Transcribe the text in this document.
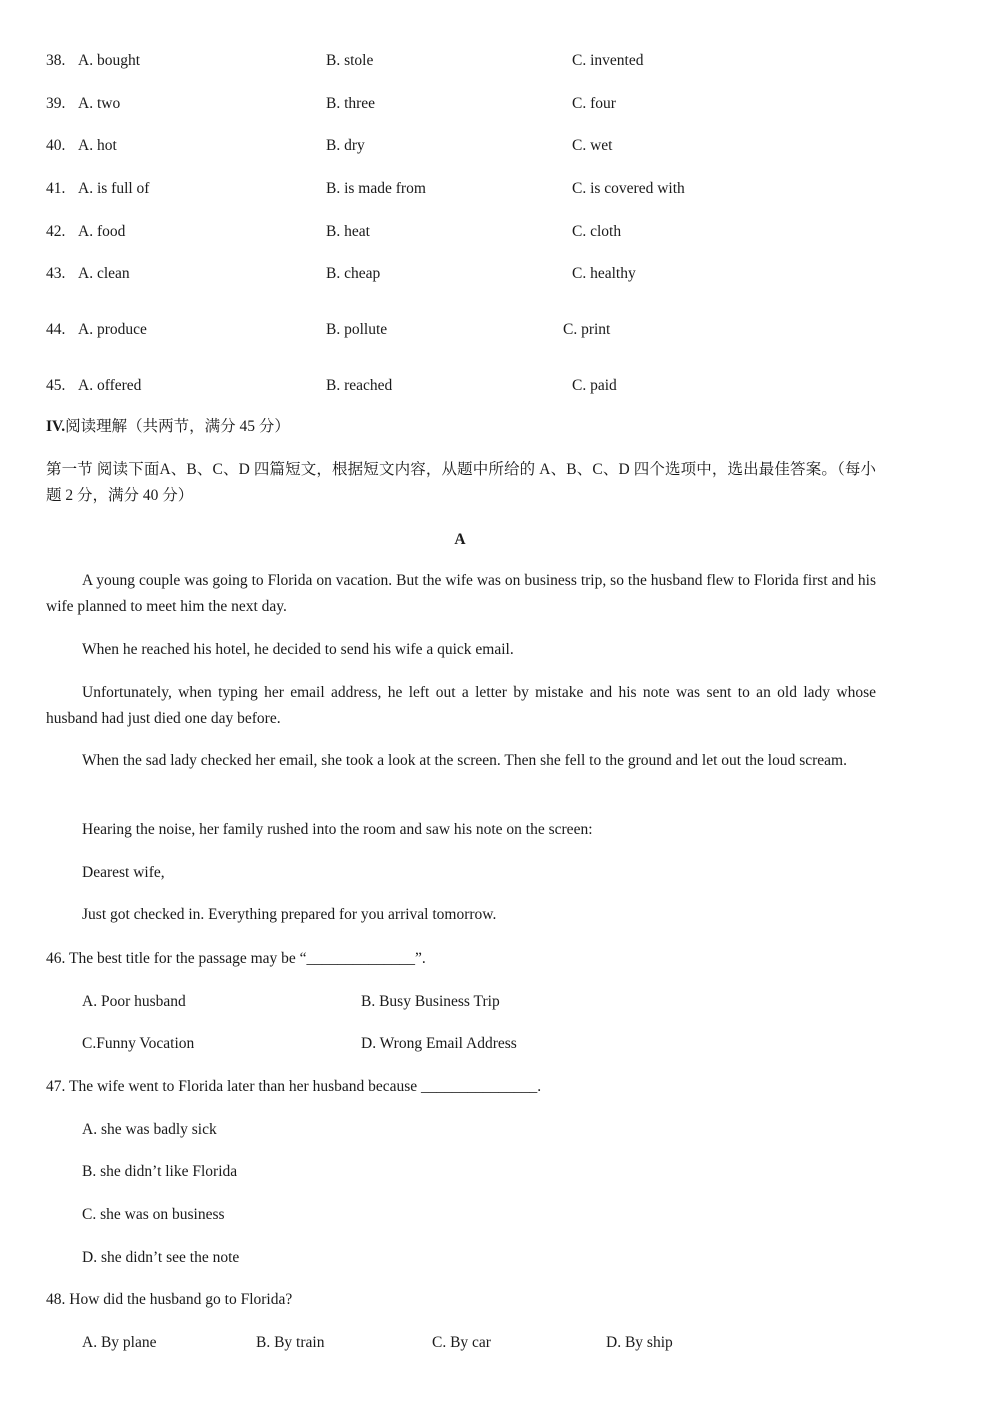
38. A. bought	B. stole	C. invented
39. A. two	B. three	C. four
40. A. hot	B. dry	C. wet
41. A. is full of	B. is made from	C. is covered with
42. A. food	B. heat	C. cloth
43. A. clean	B. cheap	C. healthy
44. A. produce	B. pollute	C. print
45. A. offered	B. reached	C. paid
IV.阅读理解（共两节，满分 45 分）
第一节 阅读下面A、B、C、D 四篇短文，根据短文内容，从题中所给的 A、B、C、D 四个选项中，选出最佳答案。（每小题 2 分，满分 40 分）
A
A young couple was going to Florida on vacation. But the wife was on business trip, so the husband flew to Florida first and his wife planned to meet him the next day.
When he reached his hotel, he decided to send his wife a quick email.
Unfortunately, when typing her email address, he left out a letter by mistake and his note was sent to an old lady whose husband had just died one day before.
When the sad lady checked her email, she took a look at the screen. Then she fell to the ground and let out the loud scream.
Hearing the noise, her family rushed into the room and saw his note on the screen:
Dearest wife,
Just got checked in. Everything prepared for you arrival tomorrow.
46. The best title for the passage may be “______________”.
A. Poor husband	B. Busy Business Trip
C.Funny Vocation	D. Wrong Email Address
47. The wife went to Florida later than her husband because _______________.
A. she was badly sick
B. she didn’t like Florida
C. she was on business
D. she didn’t see the note
48. How did the husband go to Florida?
A. By plane	B. By train	C. By car	D. By ship
